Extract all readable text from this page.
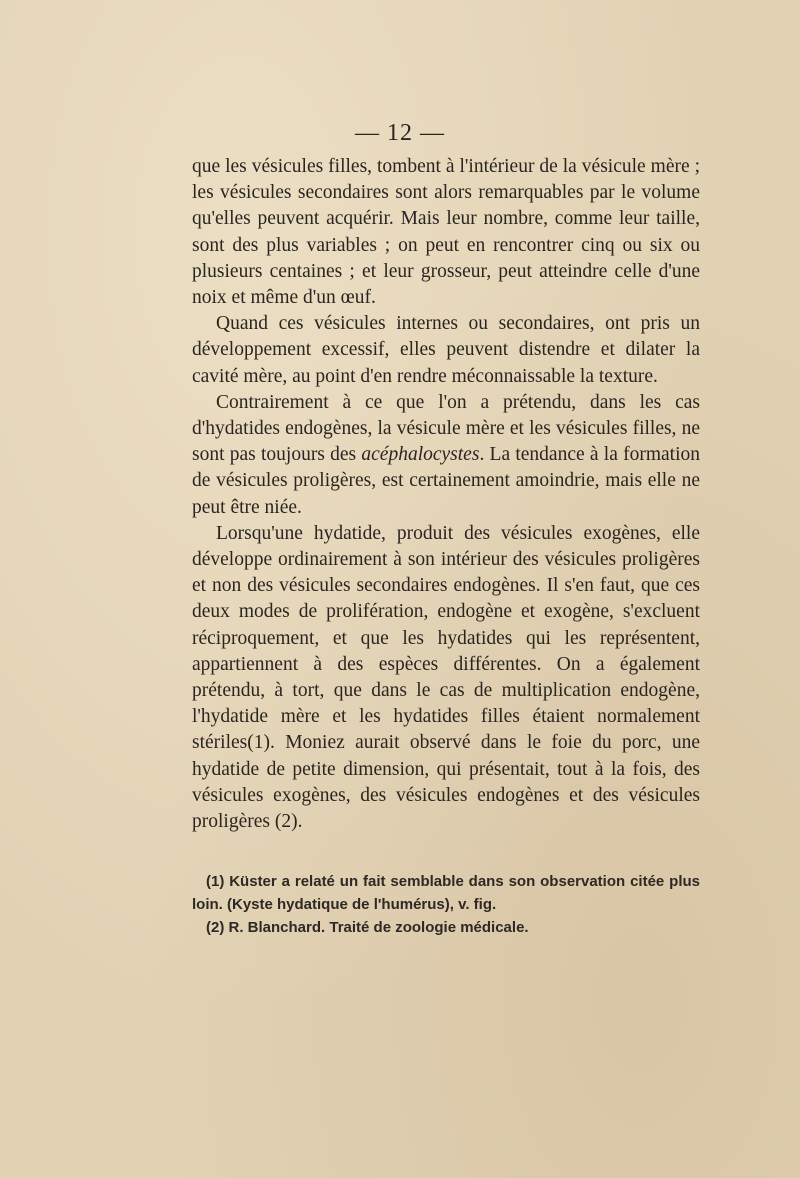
— 12 —

que les vésicules filles, tombent à l'intérieur de la vésicule mère ; les vésicules secondaires sont alors remarquables par le volume qu'elles peuvent acquérir. Mais leur nombre, comme leur taille, sont des plus variables ; on peut en rencontrer cinq ou six ou plusieurs centaines ; et leur grosseur, peut atteindre celle d'une noix et même d'un œuf.

Quand ces vésicules internes ou secondaires, ont pris un développement excessif, elles peuvent distendre et dilater la cavité mère, au point d'en rendre méconnaissable la texture.

Contrairement à ce que l'on a prétendu, dans les cas d'hydatides endogènes, la vésicule mère et les vésicules filles, ne sont pas toujours des acéphalocystes. La tendance à la formation de vésicules proligères, est certainement amoindrie, mais elle ne peut être niée.

Lorsqu'une hydatide, produit des vésicules exogènes, elle développe ordinairement à son intérieur des vésicules proligères et non des vésicules secondaires endogènes. Il s'en faut, que ces deux modes de prolifération, endogène et exogène, s'excluent réciproquement, et que les hydatides qui les représentent, appartiennent à des espèces différentes. On a également prétendu, à tort, que dans le cas de multiplication endogène, l'hydatide mère et les hydatides filles étaient normalement stériles(1). Moniez aurait observé dans le foie du porc, une hydatide de petite dimension, qui présentait, tout à la fois, des vésicules exogènes, des vésicules endogènes et des vésicules proligères (2).

(1) Küster a relaté un fait semblable dans son observation citée plus loin. (Kyste hydatique de l'humérus), v. fig.

(2) R. Blanchard. Traité de zoologie médicale.
